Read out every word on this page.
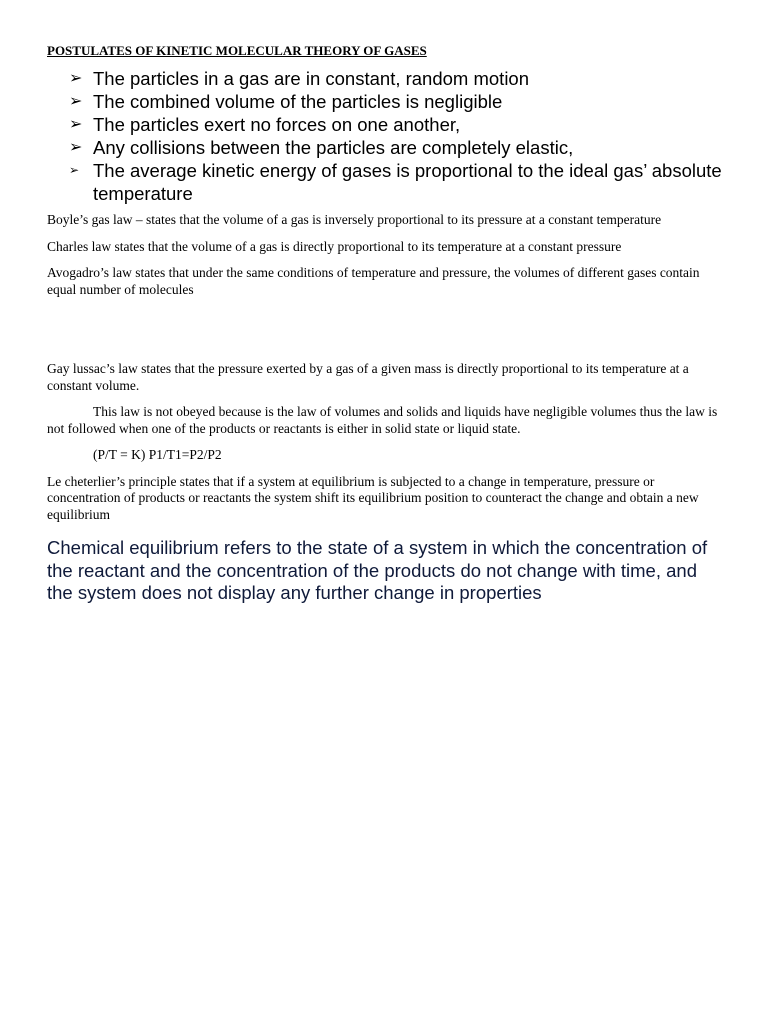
POSTULATES OF KINETIC MOLECULAR THEORY OF GASES
➢ The particles in a gas are in constant, random motion
➢ The combined volume of the particles is negligible
➢ The particles exert no forces on one another,
➢ Any collisions between the particles are completely elastic,
➢ The average kinetic energy of gases is proportional to the ideal gas’ absolute temperature

Boyle’s gas law – states that the volume of a gas is inversely proportional to its pressure at a constant temperature

Charles law states that the volume of a gas is directly proportional to its temperature at a constant pressure

Avogadro’s law states that under the same conditions of temperature and pressure, the volumes of different gases contain equal number of molecules

Gay lussac’s law states that the pressure exerted by a gas of a given mass is directly proportional to its temperature at a constant volume.

This law is not obeyed because is the law of volumes and solids and liquids have negligible volumes thus the law is not followed when one of the products or reactants is either in solid state or liquid state.

(P/T = K) P1/T1=P2/P2

Le cheterlier’s principle states that if a system at equilibrium is subjected to a change in temperature, pressure or concentration of products or reactants the system shift its equilibrium position to counteract the change and obtain a new equilibrium

Chemical equilibrium refers to the state of a system in which the concentration of the reactant and the concentration of the products do not change with time, and the system does not display any further change in properties
